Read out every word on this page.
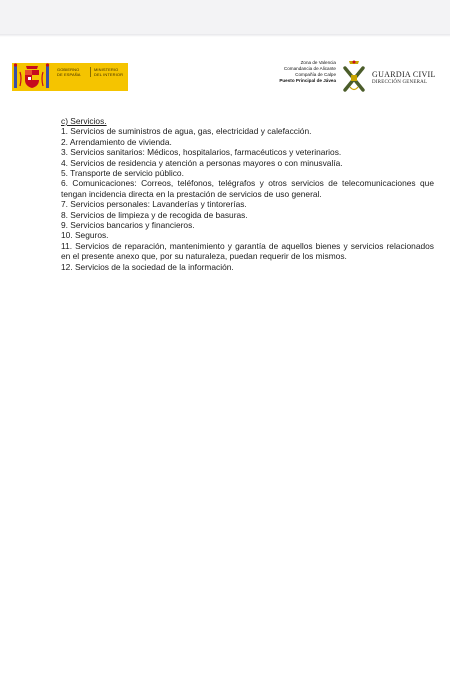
GOBIERNO
DE ESPAÑA
MINISTERIO
DEL INTERIOR
Zona de Valencia
Comandancia de Alicante
Compañía de Calpe
Puesto Principal de Jávea
GUARDIA CIVIL
DIRECCIÓN GENERAL

c) Servicios.

1. Servicios de suministros de agua, gas, electricidad y calefacción.

2. Arrendamiento de vivienda.

3. Servicios sanitarios: Médicos, hospitalarios, farmacéuticos y veterinarios.

4. Servicios de residencia y atención a personas mayores o con minusvalía.

5. Transporte de servicio público.

6. Comunicaciones: Correos, teléfonos, telégrafos y otros servicios de telecomunicaciones que tengan incidencia directa en la prestación de servicios de uso general.

7. Servicios personales: Lavanderías y tintorerías.

8. Servicios de limpieza y de recogida de basuras.

9. Servicios bancarios y financieros.

10. Seguros.

11. Servicios de reparación, mantenimiento y garantía de aquellos bienes y servicios relacionados en el presente anexo que, por su naturaleza, puedan requerir de los mismos.

12. Servicios de la sociedad de la información.
